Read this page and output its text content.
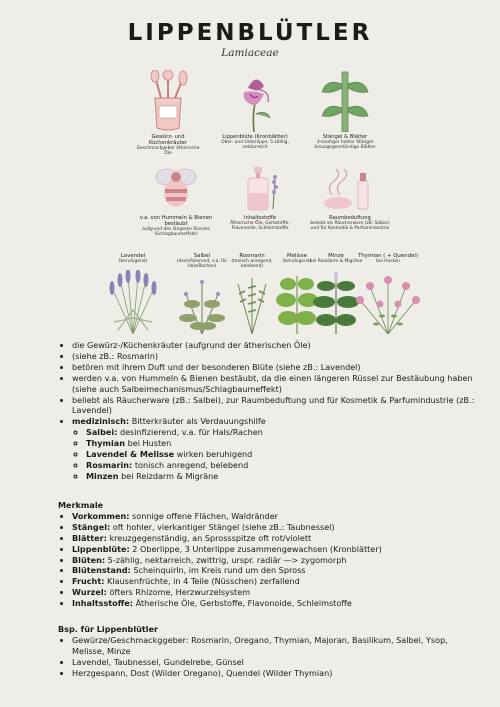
LIPPENBLÜTLER
Lamiaceae
Gewürz- und Küchenkräuter
Geschmackgeber ätherische Öle
Lippenblüte (Kronblätter)
Ober- und Unterlippe, 5-zählig, nektarreich
Stängel & Blätter
4-kantiger hohler Stängel kreuzgegenständige Blätter
v.a. von Hummeln & Bienen bestäubt
aufgrund des längeren Rüssels (Schlagbaumeffekt)
Inhaltsstoffe
Ätherische Öle, Gerbstoffe, Flavonoide, Schleimstoffe
Raumbeduftung
beliebt als Räucherware (zB: Salbei) und für Kosmetik & Parfumindustrie
Lavendel
(beruhigend)
Salbei
(desinfizierend, v.a. für Hals/Rachen)
Rosmarin
(tonisch anregend, belebend)
Melisse
(beruhigend)
Minze
bei Reizdarm & Migräne
Thymian ( + Quendel)
bei Husten
• die Gewürz-/Küchenkräuter (aufgrund der ätherischen Öle)
• (siehe zB.: Rosmarin)
• betören mit ihrem Duft und der besonderen Blüte (siehe zB.: Lavendel)
• werden v.a. von Hummeln & Bienen bestäubt, da die einen längeren Rüssel zur Bestäubung haben (siehe auch Salbeimechanismus/Schlagbaumeffekt)
• beliebt als Räucherware (zB.: Salbei), zur Raumbeduftung und für Kosmetik & Parfumindustrie (zB.: Lavendel)
• medizinisch: Bitterkräuter als Verdauungshilfe
◦ Salbei: desinfizierend, v.a. für Hals/Rachen
◦ Thymian bei Husten
◦ Lavendel & Melisse wirken beruhigend
◦ Rosmarin: tonisch anregend, belebend
◦ Minzen bei Reizdarm & Migräne
Merkmale
• Vorkommen: sonnige offene Flächen, Waldränder
• Stängel: oft hohler, vierkantiger Stängel (siehe zB.: Taubnessel)
• Blätter: kreuzgegenständig, an Sprossspitze oft rot/violett
• Lippenblüte: 2 Oberlippe, 3 Unterlippe zusammengewachsen (Kronblätter)
• Blüten: 5-zählig, nektarreich, zwittrig, urspr. radiär —> zygomorph
• Blütenstand: Scheinquirln, im Kreis rund um den Spross
• Frucht: Klausenfrüchte, in 4 Teile (Nüsschen) zerfallend
• Wurzel: öfters Rhizome, Herzwurzelsystem
• Inhaltsstoffe: Ätherische Öle, Gerbstoffe, Flavonoide, Schleimstoffe
Bsp. für Lippenblütler
• Gewürze/Geschmackggeber: Rosmarin, Oregano, Thymian, Majoran, Basilikum, Salbei, Ysop, Melisse, Minze
• Lavendel, Taubnessel, Gundelrebe, Günsel
• Herzgespann, Dost (Wilder Oregano), Quendel (Wilder Thymian)
